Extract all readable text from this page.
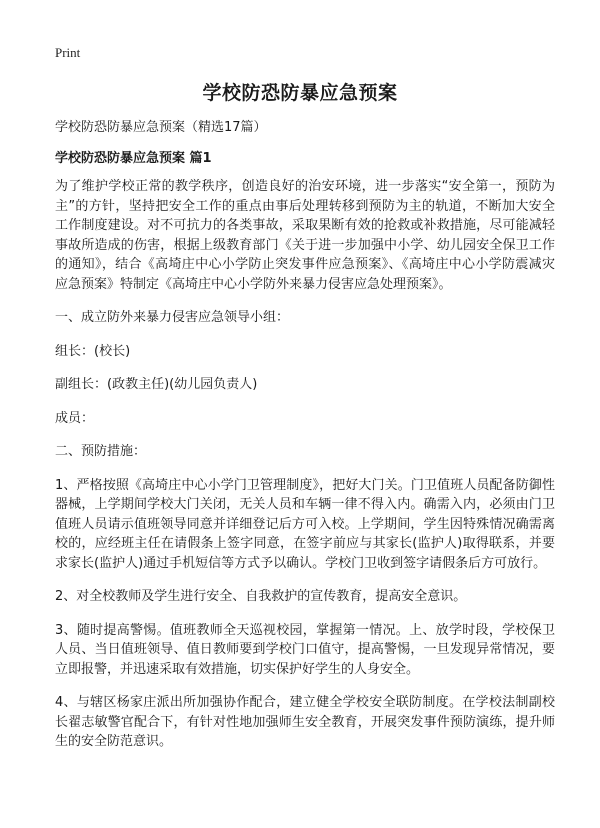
Print
学校防恐防暴应急预案

学校防恐防暴应急预案（精选17篇）

学校防恐防暴应急预案 篇1

为了维护学校正常的教学秩序，创造良好的治安环境，进一步落实“安全第一，预防为主”的方针，坚持把安全工作的重点由事后处理转移到预防为主的轨道，不断加大安全工作制度建设。对不可抗力的各类事故，采取果断有效的抢救或补救措施，尽可能减轻事故所造成的伤害，根据上级教育部门《关于进一步加强中小学、幼儿园安全保卫工作的通知》，结合《高埼庄中心小学防止突发事件应急预案》、《高埼庄中心小学防震减灾应急预案》特制定《高埼庄中心小学防外来暴力侵害应急处理预案》。

一、成立防外来暴力侵害应急领导小组：

组长：(校长)

副组长：(政教主任)(幼儿园负责人)

成员：

二、预防措施：

1、严格按照《高埼庄中心小学门卫管理制度》，把好大门关。门卫值班人员配备防御性器械，上学期间学校大门关闭，无关人员和车辆一律不得入内。确需入内，必须由门卫值班人员请示值班领导同意并详细登记后方可入校。上学期间，学生因特殊情况确需离校的，应经班主任在请假条上签字同意，在签字前应与其家长(监护人)取得联系，并要求家长(监护人)通过手机短信等方式予以确认。学校门卫收到签字请假条后方可放行。

2、对全校教师及学生进行安全、自我救护的宣传教育，提高安全意识。

3、随时提高警惕。值班教师全天巡视校园，掌握第一情况。上、放学时段，学校保卫人员、当日值班领导、值日教师要到学校门口值守，提高警惕，一旦发现异常情况，要立即报警，并迅速采取有效措施，切实保护好学生的人身安全。

4、与辖区杨家庄派出所加强协作配合，建立健全学校安全联防制度。在学校法制副校长翟志敏警官配合下，有针对性地加强师生安全教育，开展突发事件预防演练，提升师生的安全防范意识。
